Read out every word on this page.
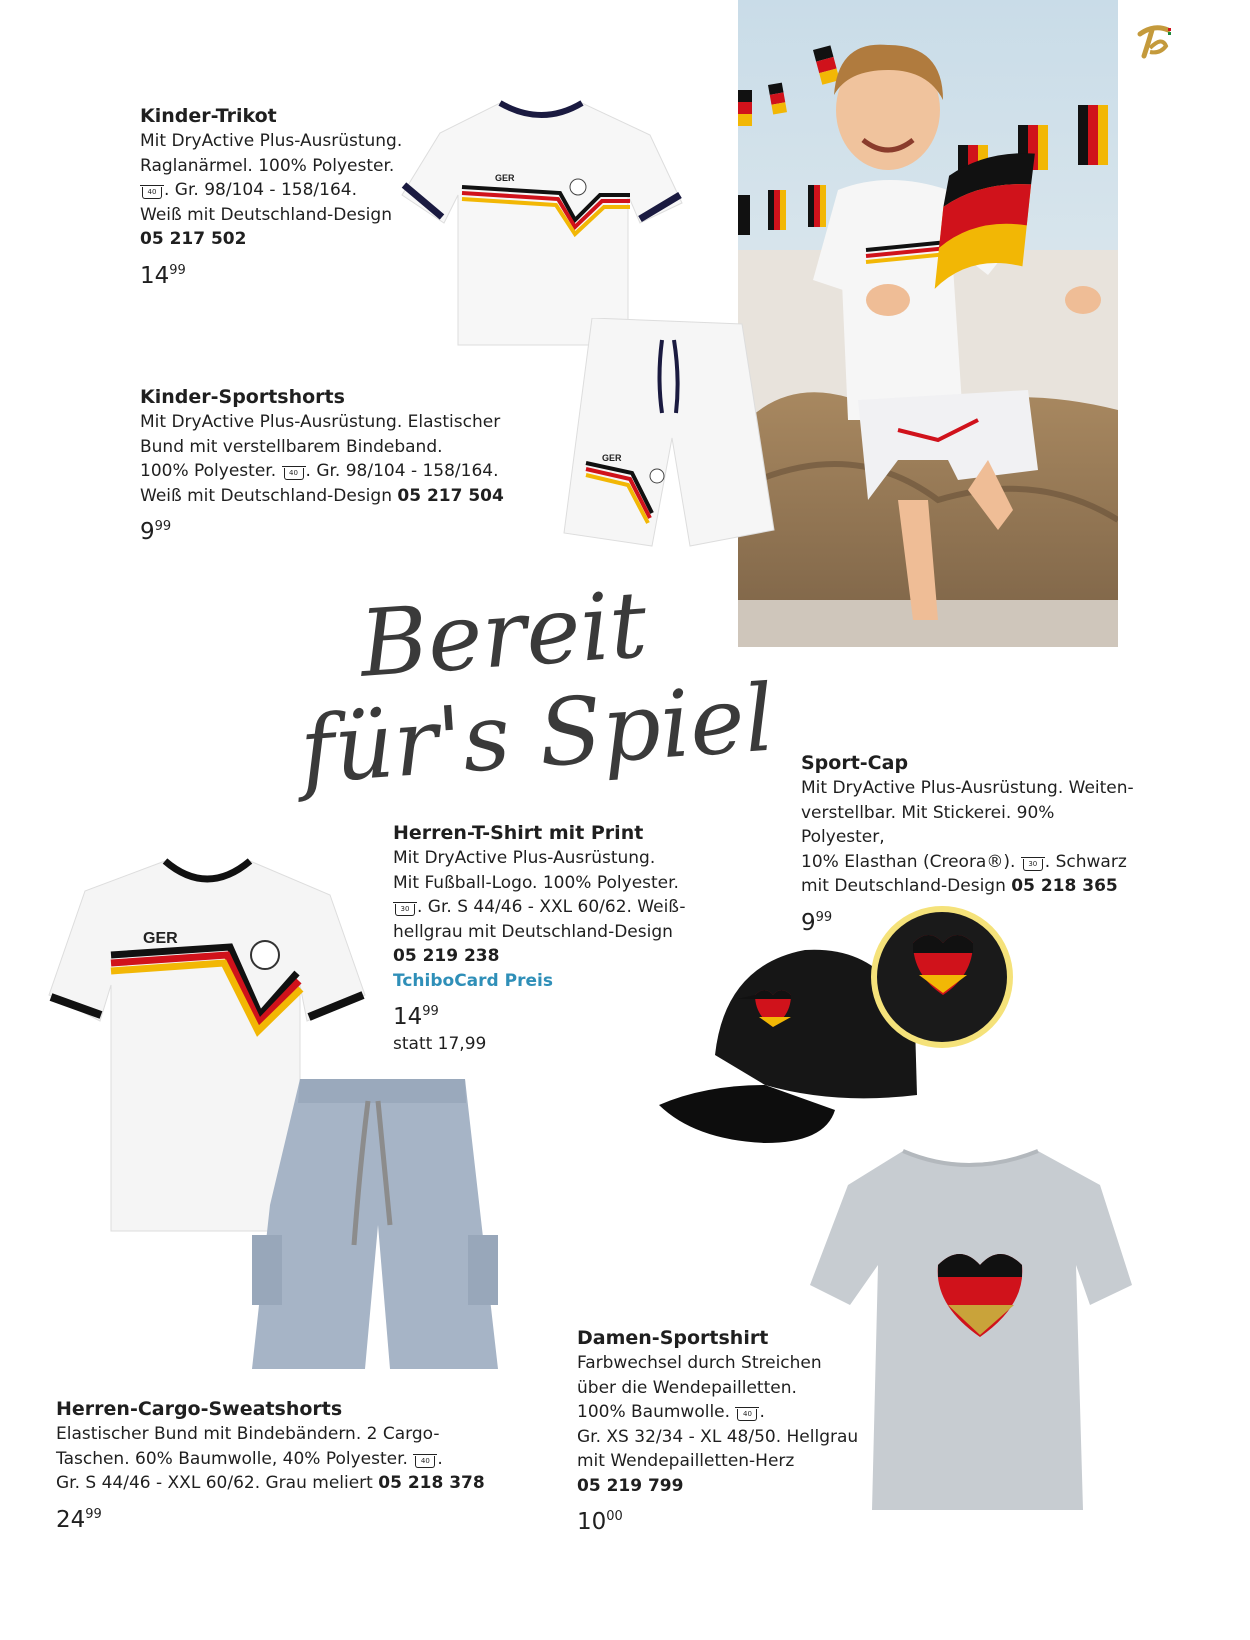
GER
GER
Bereit
für's Spiel
GER
Kinder-Trikot
Mit DryActive Plus-Ausrüstung.
Raglanärmel. 100% Polyester.
40 . Gr. 98/104 - 158/164.
Weiß mit Deutschland-Design
05 217 502
$14^{99}$
Kinder-Sportshorts
Mit DryActive Plus-Ausrüstung. Elastischer
Bund mit verstellbarem Bindeband.
100% Polyester. 40 . Gr. 98/104 - 158/164.
Weiß mit Deutschland-Design 05 217 504
$9^{99}$
Herren-T-Shirt mit Print
Mit DryActive Plus-Ausrüstung.
Mit Fußball-Logo. 100% Polyester.
30 . Gr. S 44/46 - XXL 60/62. Weiß-
hellgrau mit Deutschland-Design
05 219 238
TchiboCard Preis
$14^{99}$
statt 17,99
Sport-Cap
Mit DryActive Plus-Ausrüstung. Weiten-
verstellbar. Mit Stickerei. 90% Polyester,
10% Elasthan (Creora®). 30 . Schwarz
mit Deutschland-Design 05 218 365
$9^{99}$
Herren-Cargo-Sweatshorts
Elastischer Bund mit Bindebändern. 2 Cargo-
Taschen. 60% Baumwolle, 40% Polyester. 40 .
Gr. S 44/46 - XXL 60/62. Grau meliert 05 218 378
$24^{99}$
Damen-Sportshirt
Farbwechsel durch Streichen
über die Wendepailletten.
100% Baumwolle. 40 .
Gr. XS 32/34 - XL 48/50. Hellgrau
mit Wendepailletten-Herz
05 219 799
$10^{00}$
